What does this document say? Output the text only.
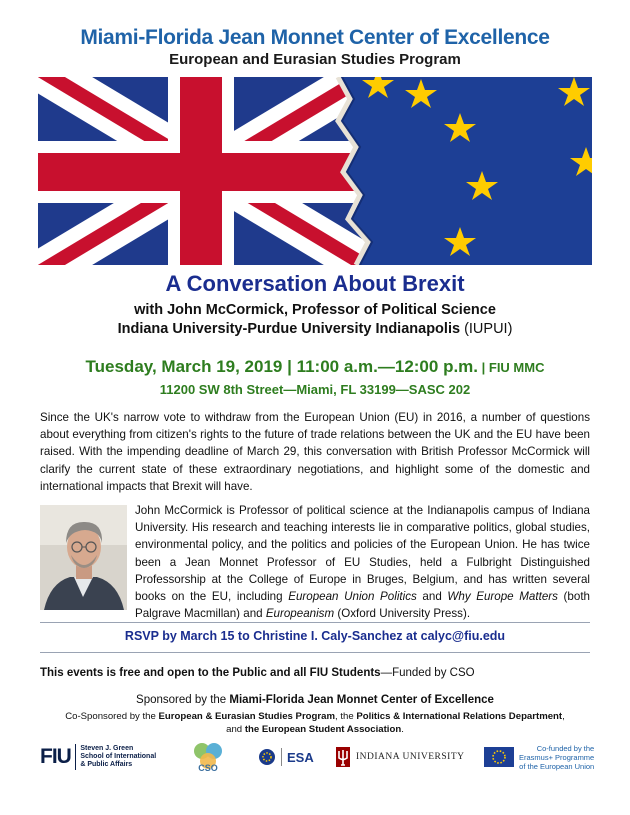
Miami-Florida Jean Monnet Center of Excellence
European and Eurasian Studies Program
A Conversation About Brexit
with John McCormick, Professor of Political Science
Indiana University-Purdue University Indianapolis (IUPUI)
Tuesday, March 19, 2019 | 11:00 a.m.—12:00 p.m. | FIU MMC
11200 SW 8th Street—Miami, FL 33199—SASC 202
Since the UK's narrow vote to withdraw from the European Union (EU) in 2016, a number of questions about everything from citizen's rights to the future of trade relations between the UK and the EU have been raised. With the impending deadline of March 29, this conversation with British Professor McCormick will clarify the current state of these extraordinary negotiations, and highlight some of the domestic and international impacts that Brexit will have.
John McCormick is Professor of political science at the Indianapolis campus of Indiana University. His research and teaching interests lie in comparative politics, global studies, environmental policy, and the politics and policies of the European Union. He has twice been a Jean Monnet Professor of EU Studies, held a Fulbright Distinguished Professorship at the College of Europe in Bruges, Belgium, and has written several books on the EU, including European Union Politics and Why Europe Matters (both Palgrave Macmillan) and Europeanism (Oxford University Press).
RSVP by March 15 to Christine I. Caly-Sanchez at calyc@fiu.edu
This events is free and open to the Public and all FIU Students—Funded by CSO
Sponsored by the Miami-Florida Jean Monnet Center of Excellence
Co-Sponsored by the European & Eurasian Studies Program, the Politics & International Relations Department,
and the European Student Association.
FIU Steven J. Green
School of International
& Public Affairs	CSO
ESA	INDIANA UNIVERSITY
Co-funded by the
Erasmus+ Programme
of the European Union
